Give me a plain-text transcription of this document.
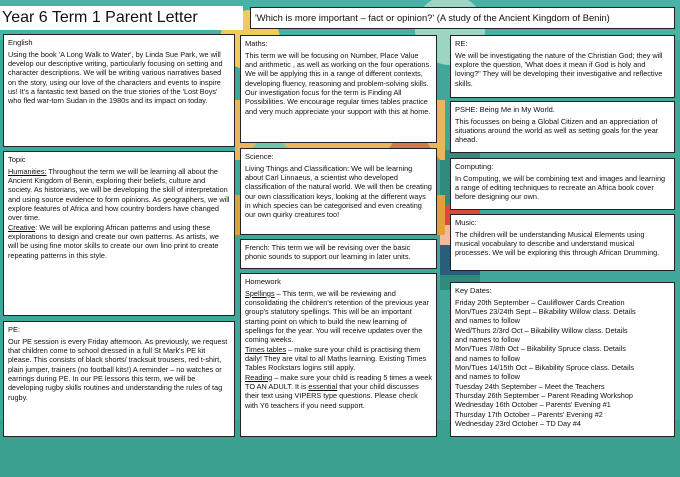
Year 6 Term 1 Parent Letter	'Which is more important – fact or opinion?' (A study of the Ancient Kingdom of Benin)
English

Using the book 'A Long Walk to Water', by Linda Sue Park, we will develop our descriptive writing, particularly focusing on setting and character descriptions. We will be writing various narratives based on the story, using our love of the characters and events to inspire us! It's a fantastic text based on the true stories of the 'Lost Boys' who fled war-torn Sudan in the 1980s and its impact on today.

Maths:

This term we will be focusing on Number, Place Value and arithmetic , as well as working on the four operations. We will be applying this in a range of different contexts, developing fluency, reasoning and problem-solving skills. Our investigation focus for the term is Finding All Possibilities. We encourage regular times tables practice and very much appreciate your support with this at home.

RE:

We will be investigating the nature of the Christian God; they will explore the question, 'What does it mean if God is holy and loving?" They will be developing their investigative and reflective skills.

PSHE: Being Me in My World.

This focusses on being a Global Citizen and an appreciation of situations around the world as well as setting goals for the year ahead.

Topic

Humanities: Throughout the term we will be learning all about the Ancient Kingdom of Benin, exploring their beliefs, culture and society. As historians, we will be developing the skill of interpretation and using source evidence to form opinions. As geographers, we will explore features of Africa and how country borders have changed over time.

Creative: We will be exploring African patterns and using these explorations to design and create our own patterns. As artists, we will be using fine motor skills to create our own lino print to create repeating patterns in this style.

Science:

Living Things and Classification: We will be learning about Carl Linnaeus, a scientist who developed classification of the natural world. We will then be creating our own classification keys, looking at the different ways in which species can be categorised and even creating our own quirky creatures too!

Computing:

In Computing, we will be combining text and images and learning a range of editing techniques to recreate an Africa book cover before designing our own.

Music:

The children will be understanding Musical Elements using musical vocabulary to describe and understand musical processes. We will be exploring this through African Drumming.

French: This term we will be revising over the basic phonic sounds to support our learning in later units.

Homework

Spellings – This term, we will be reviewing and consolidating the children's retention of the previous year group's statutory spellings. This will be an important starting point on which to build the new learning of spellings for the year. You will receive updates over the coming weeks.

Times tables – make sure your child is practising them daily! They are vital to all Maths learning. Existing Times Tables Rockstars logins still apply.

Reading – make sure your child is reading 5 times a week TO AN ADULT. It is essential that your child discusses their text using VIPERS type questions. Please check with Y6 teachers if you need support.

PE:

Our PE session is every Friday afternoon. As previously, we request that children come to school dressed in a full St Mark's PE kit please. This consists of black shorts/ tracksuit trousers, red t-shirt, plain jumper, trainers (no football kits!) A reminder – no watches or earrings during PE. In our PE lessons this term, we will be developing rugby skills routines and understanding the rules of tag rugby.

Key Dates:
Friday 20th September – Cauliflower Cards Creation
Mon/Tues 23/24th Sept – Bikability Willow class. Details
and names to follow
Wed/Thurs 2/3rd Oct – Bikability Willow class. Details
and names to follow
Mon/Tues 7/8th Oct – Bikability Spruce class. Details
and names to follow
Mon/Tues 14/15th Oct – Bikability Spruce class. Details
and names to follow
Tuesday 24th September – Meet the Teachers
Thursday 26th September – Parent Reading Workshop
Wednesday 16th October – Parents' Evening #1
Thursday 17th October – Parents' Evening #2
Wednesday 23rd October – TD Day #4
